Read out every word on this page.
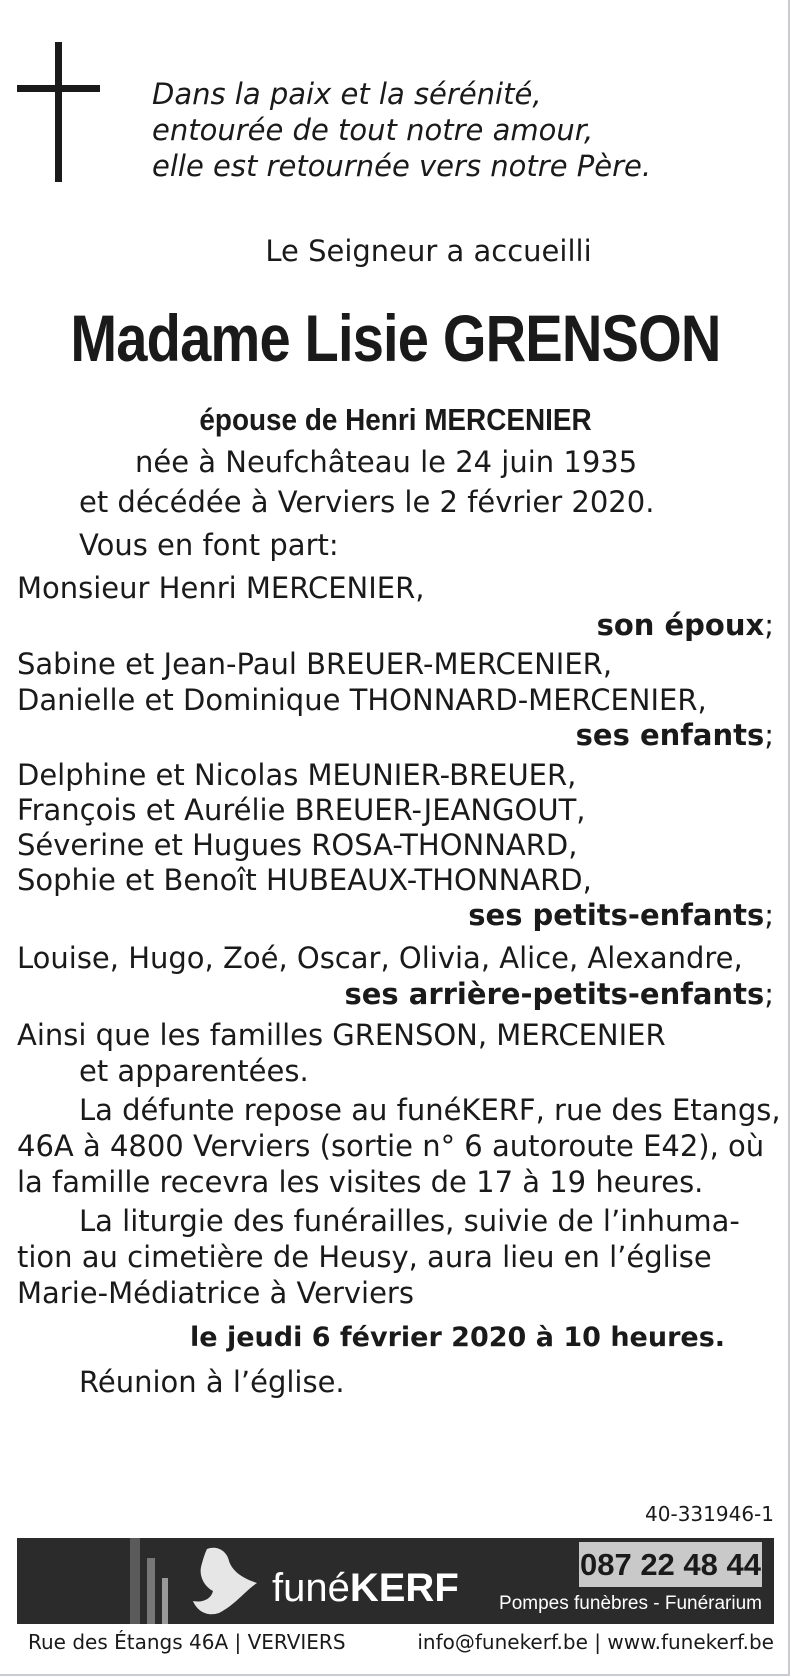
Dans la paix et la sérénité,
entourée de tout notre amour,
elle est retournée vers notre Père.
Le Seigneur a accueilli
Madame Lisie GRENSON
épouse de Henri MERCENIER
née à Neufchâteau le 24 juin 1935
et décédée à Verviers le 2 février 2020.
Vous en font part:
Monsieur Henri MERCENIER,
son époux;
Sabine et Jean-Paul BREUER-MERCENIER,
Danielle et Dominique THONNARD-MERCENIER,
ses enfants;
Delphine et Nicolas MEUNIER-BREUER,
François et Aurélie BREUER-JEANGOUT,
Séverine et Hugues ROSA-THONNARD,
Sophie et Benoît HUBEAUX-THONNARD,
ses petits-enfants;
Louise, Hugo, Zoé, Oscar, Olivia, Alice, Alexandre,
ses arrière-petits-enfants;
Ainsi que les familles GRENSON, MERCENIER
et apparentées.
La défunte repose au funéKERF, rue des Etangs,
46A à 4800 Verviers (sortie n° 6 autoroute E42), où
la famille recevra les visites de 17 à 19 heures.
La liturgie des funérailles, suivie de l’inhuma-
tion au cimetière de Heusy, aura lieu en l’église
Marie-Médiatrice à Verviers
le jeudi 6 février 2020 à 10 heures.
Réunion à l’église.
40-331946-1
funéKERF
087 22 48 44
Pompes funèbres - Funérarium
Rue des Étangs 46A | VERVIERS	info@funekerf.be | www.funekerf.be
